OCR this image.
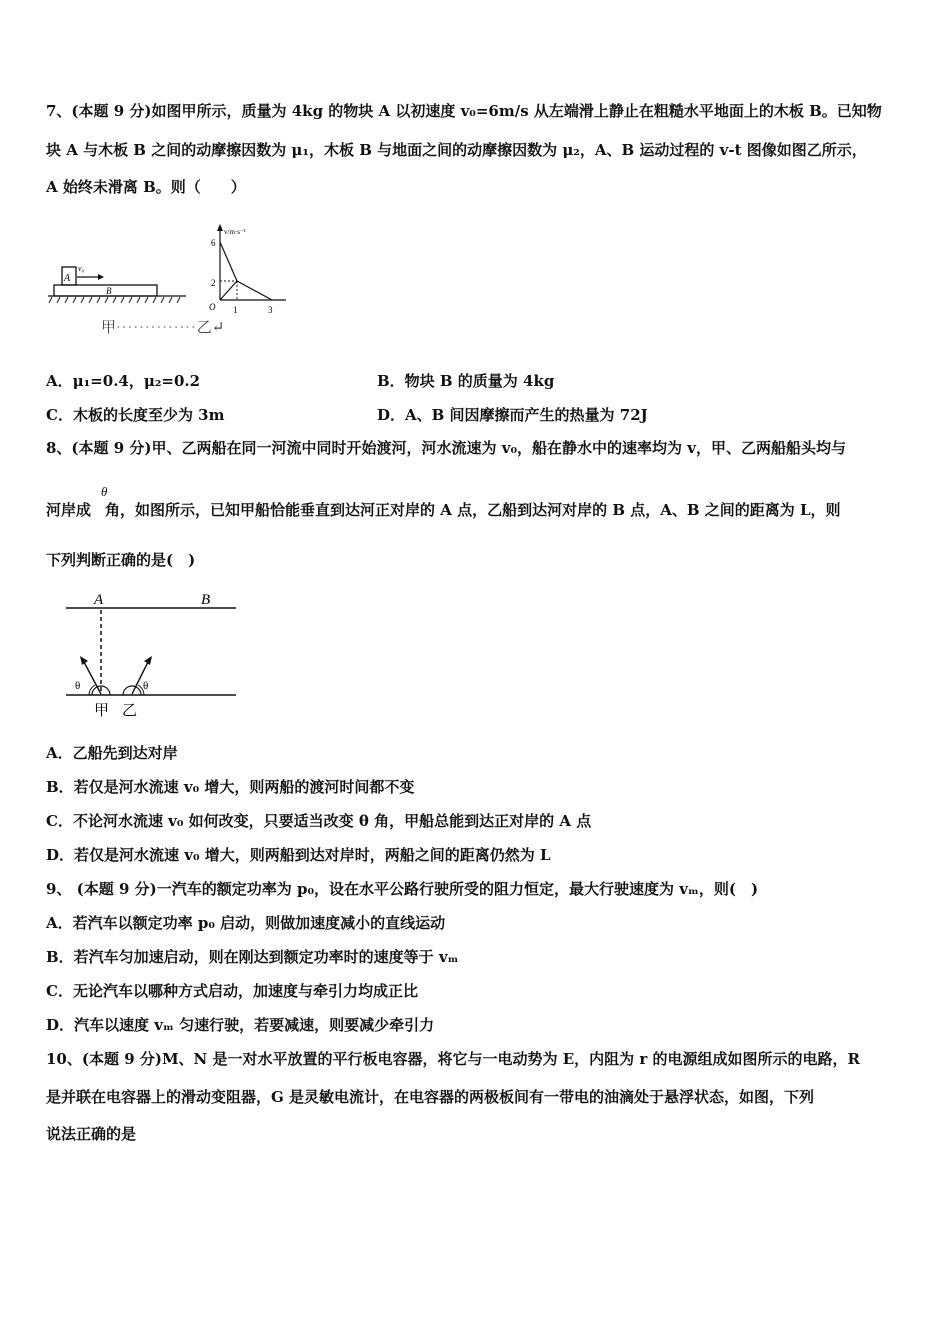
7、(本题 9 分)如图甲所示，质量为 4kg 的物块 A 以初速度 v₀=6m/s 从左端滑上静止在粗糙水平地面上的木板 B。已知物
块 A 与木板 B 之间的动摩擦因数为 μ₁，木板 B 与地面之间的动摩擦因数为 μ₂，A、B 运动过程的 v-t 图像如图乙所示，
A 始终未滑离 B。则（　　）
A
v₀
B
v/m·s⁻¹
6
2
O 1	3
甲··············乙↵
A．μ₁=0.4，μ₂=0.2	B．物块 B 的质量为 4kg
C．木板的长度至少为 3m	D．A、B 间因摩擦而产生的热量为 72J
8、(本题 9 分)甲、乙两船在同一河流中同时开始渡河，河水流速为 v₀，船在静水中的速率均为 v，甲、乙两船船头均与
θ
河岸成 角，如图所示，已知甲船恰能垂直到达河正对岸的 A 点，乙船到达河对岸的 B 点，A、B 之间的距离为 L，则
下列判断正确的是(　)
A	B
θ	θ
甲 乙
A．乙船先到达对岸
B．若仅是河水流速 v₀ 增大，则两船的渡河时间都不变
C．不论河水流速 v₀ 如何改变，只要适当改变 θ 角，甲船总能到达正对岸的 A 点
D．若仅是河水流速 v₀ 增大，则两船到达对岸时，两船之间的距离仍然为 L
9、 (本题 9 分)一汽车的额定功率为 p₀，设在水平公路行驶所受的阻力恒定，最大行驶速度为 vₘ，则(　)
A．若汽车以额定功率 p₀ 启动，则做加速度减小的直线运动
B．若汽车匀加速启动，则在刚达到额定功率时的速度等于 vₘ
C．无论汽车以哪种方式启动，加速度与牵引力均成正比
D．汽车以速度 vₘ 匀速行驶，若要减速，则要减少牵引力
10、(本题 9 分)M、N 是一对水平放置的平行板电容器，将它与一电动势为 E，内阻为 r 的电源组成如图所示的电路，R
是并联在电容器上的滑动变阻器，G 是灵敏电流计，在电容器的两极板间有一带电的油滴处于悬浮状态，如图，下列
说法正确的是
